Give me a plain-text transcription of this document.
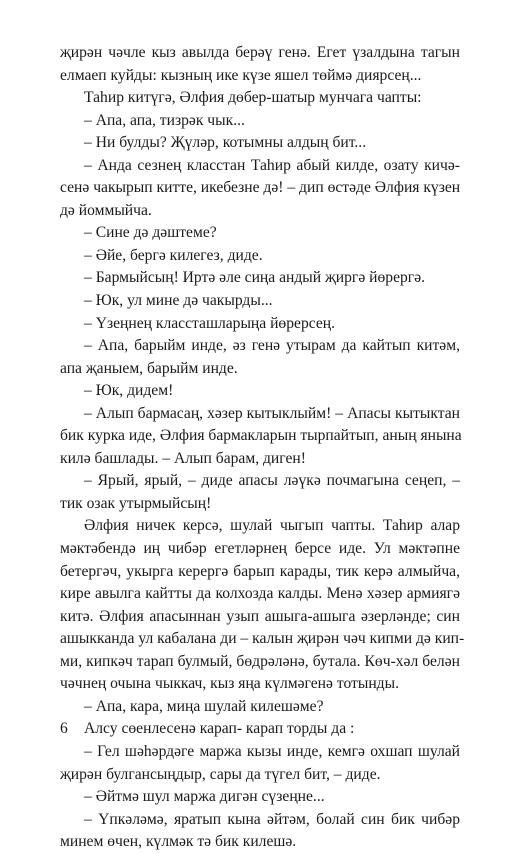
җирән чәчле кыз авылда берәү генә. Егет үзалдына тагын
елмаеп куйды: кызның ике күзе яшел төймә диярсең...
Таһир китүгә, Әлфия дөбер-шатыр мунчага чапты:
– Апа, апа, тизрәк чык...
– Ни булды? Җүләр, котымны алдың бит...
– Анда сезнең класстан Таһир абый килде, озату кичә-
сенә чакырып китте, икебезне дә! – дип өстәде Әлфия күзен
дә йоммыйча.
– Сине дә дәштеме?
– Әйе, бергә килегез, диде.
– Бармыйсың! Иртә әле сиңа андый җиргә йөрергә.
– Юк, ул мине дә чакырды...
– Үзеңнең классташларыңа йөрерсең.
– Апа, барыйм инде, әз генә утырам да кайтып китәм,
апа җаныем, барыйм инде.
– Юк, дидем!
– Алып бармасаң, хәзер кытыклыйм! – Апасы кытыктан
бик курка иде, Әлфия бармакларын тырпайтып, аның янына
килә башлады. – Алып барам, диген!
– Ярый, ярый, – диде апасы ләүкә почмагына сеңеп, –
тик озак утырмыйсың!
Әлфия ничек керсә, шулай чыгып чапты. Таһир алар
мәктәбендә иң чибәр егетләрнең берсе иде. Ул мәктәпне
бетергәч, укырга керергә барып карады, тик керә алмыйча,
кире авылга кайтты да колхозда калды. Менә хәзер армиягә
китә. Әлфия апасыннан узып ашыга-ашыга әзерләнде; син
ашыкканда ул кабалана ди – калын җирән чәч кипми дә кип-
ми, кипкәч тарап булмый, бөдрәләнә, бутала. Көч-хәл белән
чәчнең очына чыккач, кыз яңа күлмәгенә тотынды.
– Апа, кара, миңа шулай килешәме?
Алсу сөенлесенә карап- карап торды да :
– Гел шәһәрдәге маржа кызы инде, кемгә охшап шулай
җирән булгансыңдыр, сары да түгел бит, – диде.
– Әйтмә шул маржа дигән сүзеңне...
– Үпкәләмә, яратып кына әйтәм, болай син бик чибәр
минем өчен, күлмәк тә бик килешә.
6
